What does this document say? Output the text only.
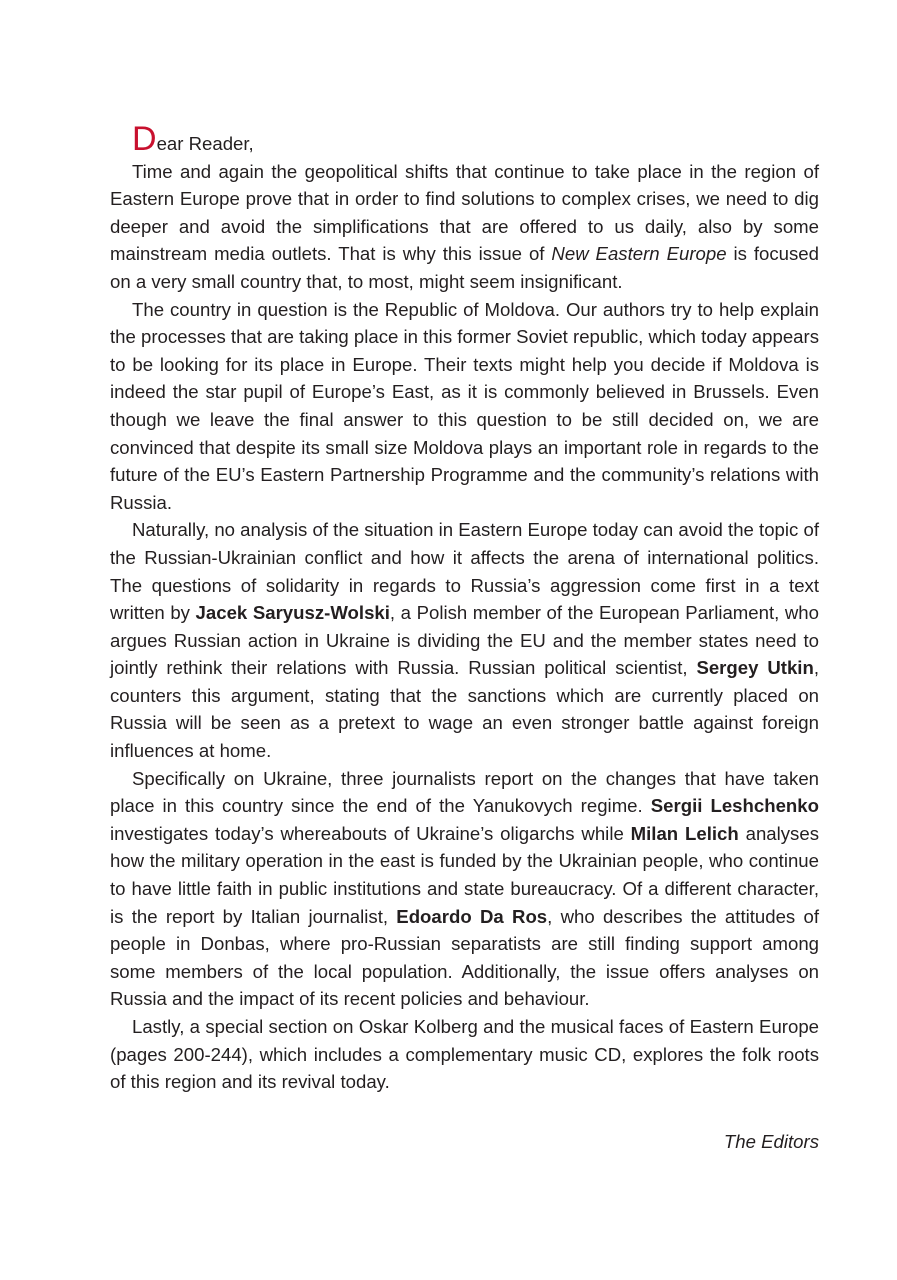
Dear Reader,

Time and again the geopolitical shifts that continue to take place in the region of Eastern Europe prove that in order to find solutions to complex crises, we need to dig deeper and avoid the simplifications that are offered to us daily, also by some mainstream media outlets. That is why this issue of New Eastern Europe is focused on a very small country that, to most, might seem insignificant.

The country in question is the Republic of Moldova. Our authors try to help explain the processes that are taking place in this former Soviet republic, which today appears to be looking for its place in Europe. Their texts might help you decide if Moldova is indeed the star pupil of Europe’s East, as it is commonly believed in Brussels. Even though we leave the final answer to this question to be still decided on, we are convinced that despite its small size Moldova plays an important role in regards to the future of the EU’s Eastern Partnership Programme and the community’s relations with Russia.

Naturally, no analysis of the situation in Eastern Europe today can avoid the topic of the Russian-Ukrainian conflict and how it affects the arena of international politics. The questions of solidarity in regards to Russia’s aggression come first in a text written by Jacek Saryusz-Wolski, a Polish member of the European Parliament, who argues Russian action in Ukraine is dividing the EU and the member states need to jointly rethink their relations with Russia. Russian political scientist, Sergey Utkin, counters this argument, stating that the sanctions which are currently placed on Russia will be seen as a pretext to wage an even stronger battle against foreign influences at home.

Specifically on Ukraine, three journalists report on the changes that have taken place in this country since the end of the Yanukovych regime. Sergii Leshchenko investigates today’s whereabouts of Ukraine’s oligarchs while Milan Lelich analyses how the military operation in the east is funded by the Ukrainian people, who continue to have little faith in public institutions and state bureaucracy. Of a different character, is the report by Italian journalist, Edoardo Da Ros, who describes the attitudes of people in Donbas, where pro-Russian separatists are still finding support among some members of the local population. Additionally, the issue offers analyses on Russia and the impact of its recent policies and behaviour.

Lastly, a special section on Oskar Kolberg and the musical faces of Eastern Europe (pages 200-244), which includes a complementary music CD, explores the folk roots of this region and its revival today.

The Editors
